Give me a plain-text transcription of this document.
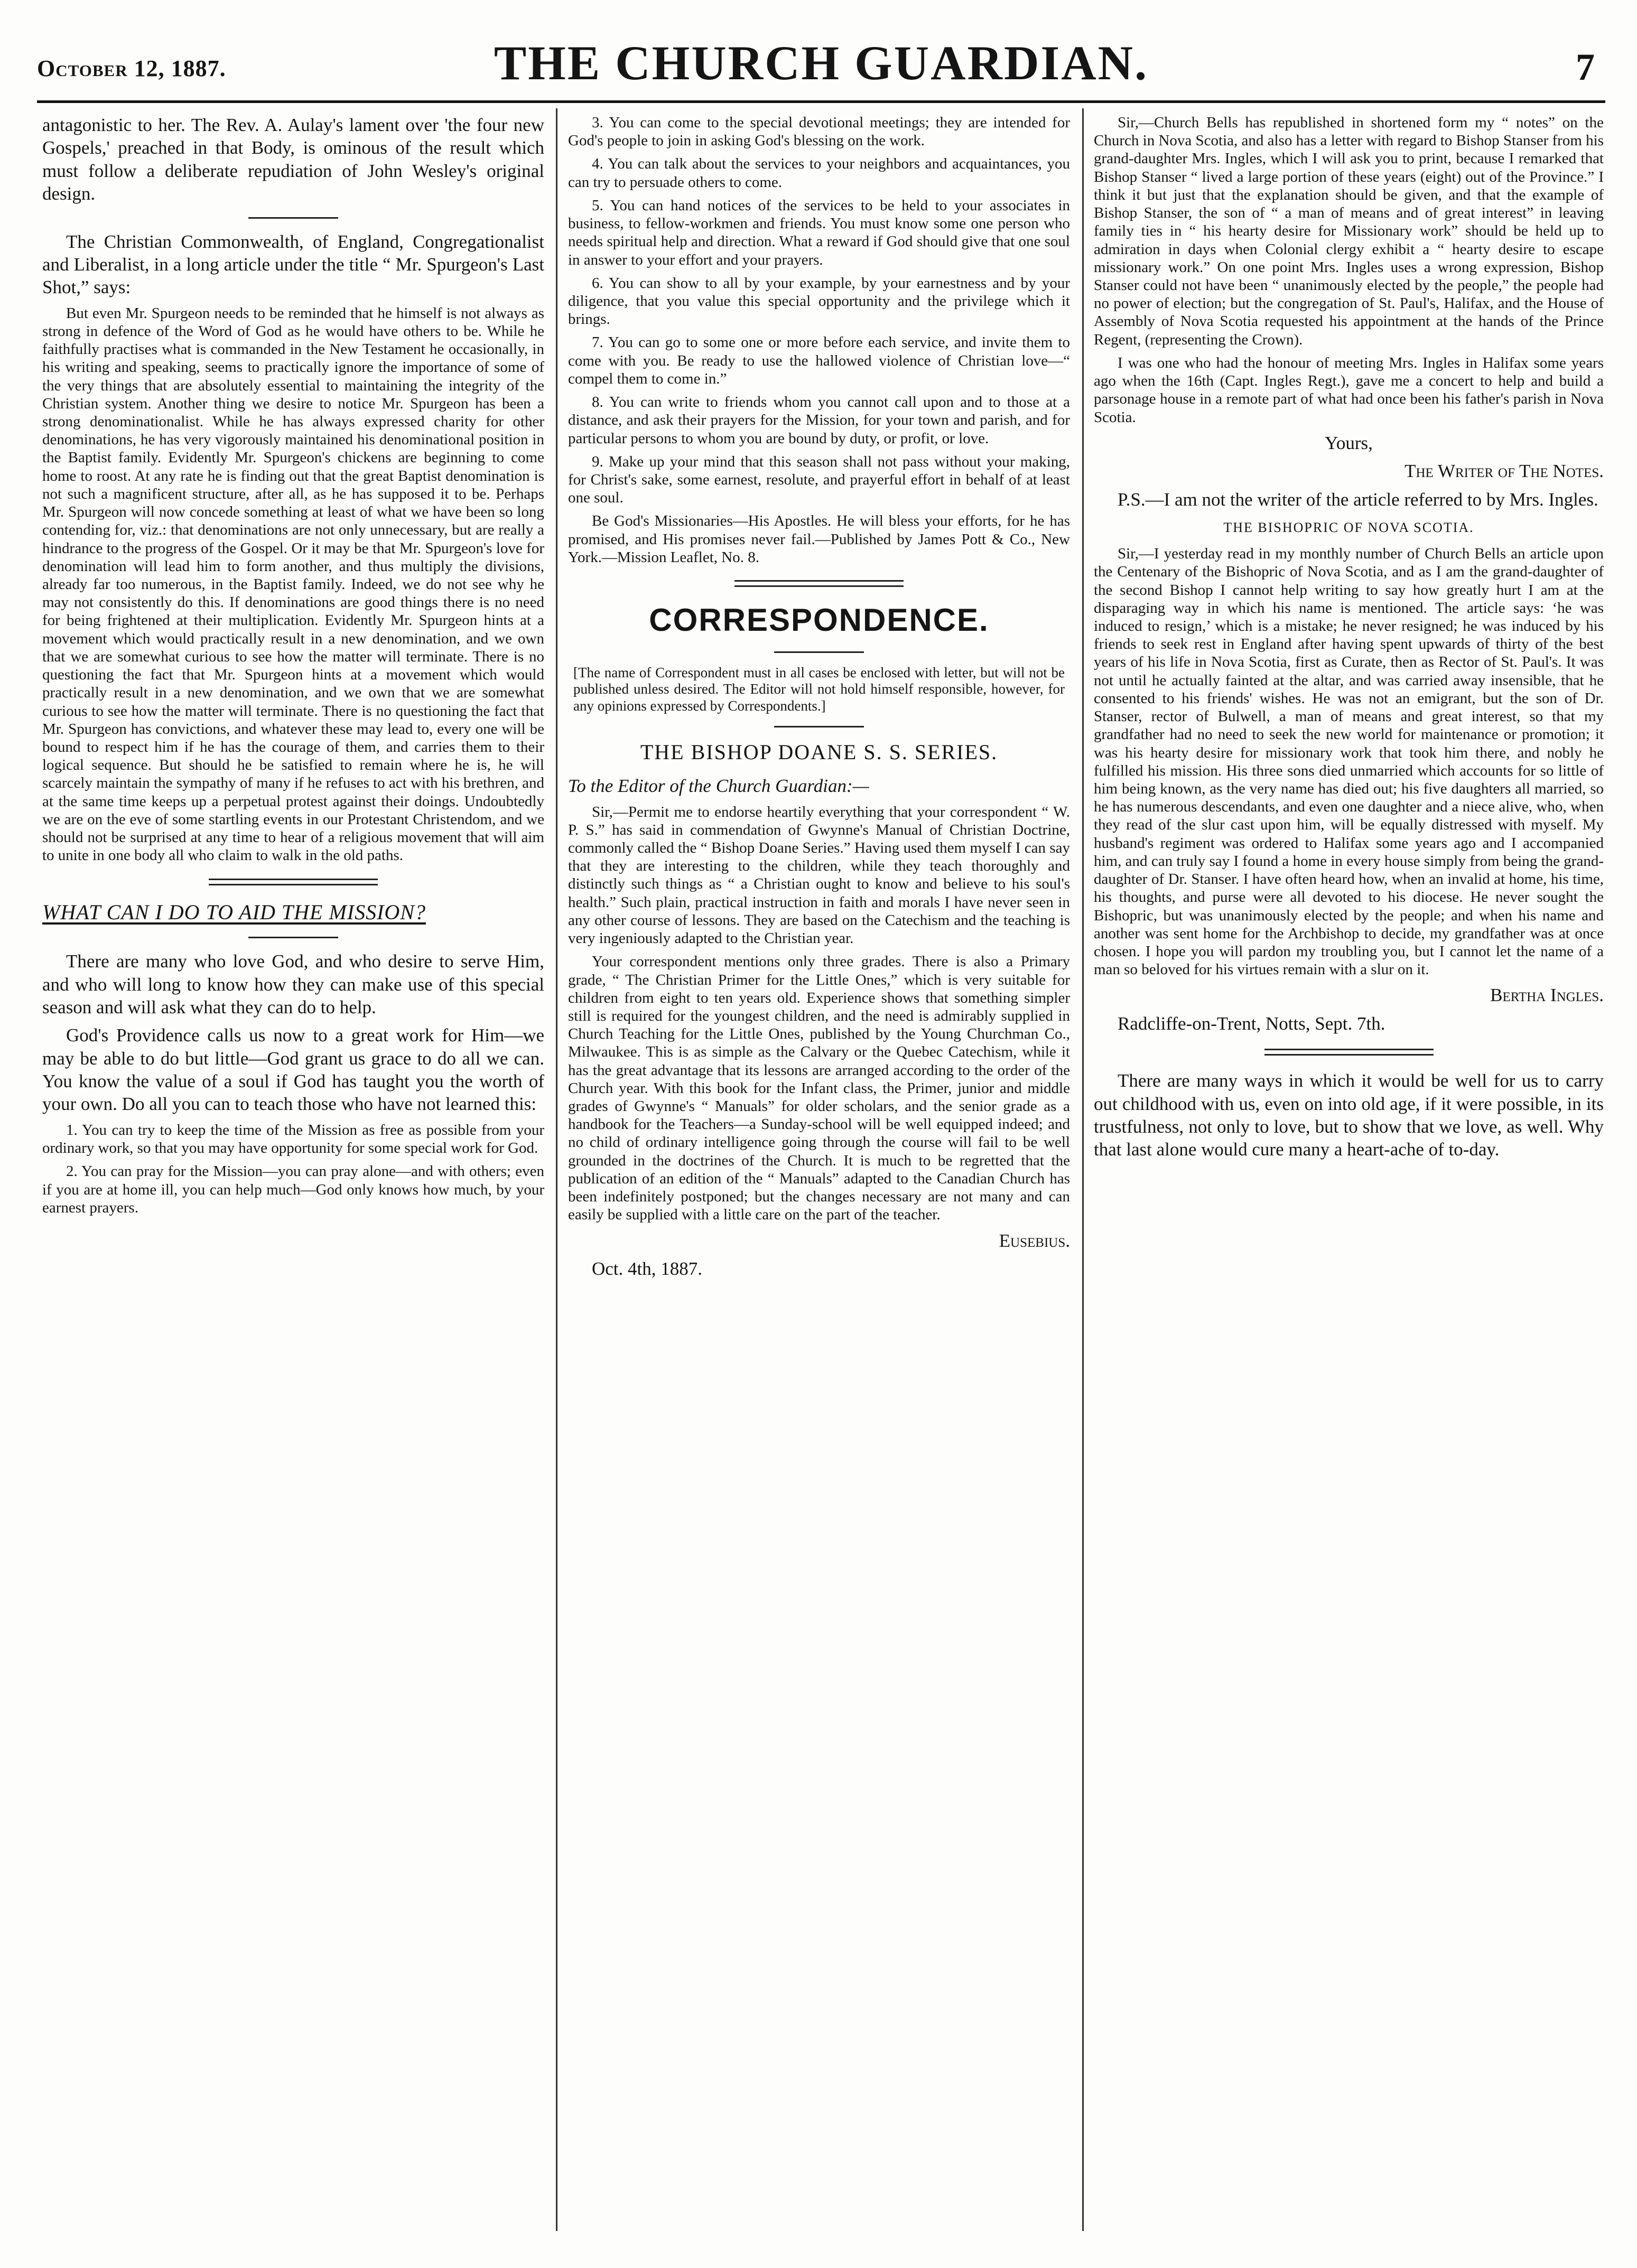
October 12, 1887.	THE CHURCH GUARDIAN.	7

antagonistic to her. The Rev. A. Aulay's lament over 'the four new Gospels,' preached in that Body, is ominous of the result which must follow a deliberate repudiation of John Wesley's original design.

The Christian Commonwealth, of England, Congregationalist and Liberalist, in a long article under the title “ Mr. Spurgeon's Last Shot,” says:

But even Mr. Spurgeon needs to be reminded that he himself is not always as strong in defence of the Word of God as he would have others to be. While he faithfully practises what is commanded in the New Testament he occasionally, in his writing and speaking, seems to practically ignore the importance of some of the very things that are absolutely essential to maintaining the integrity of the Christian system. Another thing we desire to notice Mr. Spurgeon has been a strong denominationalist. While he has always expressed charity for other denominations, he has very vigorously maintained his denominational position in the Baptist family. Evidently Mr. Spurgeon's chickens are beginning to come home to roost. At any rate he is finding out that the great Baptist denomination is not such a magnificent structure, after all, as he has supposed it to be. Perhaps Mr. Spurgeon will now concede something at least of what we have been so long contending for, viz.: that denominations are not only unnecessary, but are really a hindrance to the progress of the Gospel. Or it may be that Mr. Spurgeon's love for denomination will lead him to form another, and thus multiply the divisions, already far too numerous, in the Baptist family. Indeed, we do not see why he may not consistently do this. If denominations are good things there is no need for being frightened at their multiplication. Evidently Mr. Spurgeon hints at a movement which would practically result in a new denomination, and we own that we are somewhat curious to see how the matter will terminate. There is no questioning the fact that Mr. Spurgeon hints at a movement which would practically result in a new denomination, and we own that we are somewhat curious to see how the matter will terminate. There is no questioning the fact that Mr. Spurgeon has convictions, and whatever these may lead to, every one will be bound to respect him if he has the courage of them, and carries them to their logical sequence. But should he be satisfied to remain where he is, he will scarcely maintain the sympathy of many if he refuses to act with his brethren, and at the same time keeps up a perpetual protest against their doings. Undoubtedly we are on the eve of some startling events in our Protestant Christendom, and we should not be surprised at any time to hear of a religious movement that will aim to unite in one body all who claim to walk in the old paths.

WHAT CAN I DO TO AID THE MISSION?

There are many who love God, and who desire to serve Him, and who will long to know how they can make use of this special season and will ask what they can do to help.

God's Providence calls us now to a great work for Him—we may be able to do but little—God grant us grace to do all we can. You know the value of a soul if God has taught you the worth of your own. Do all you can to teach those who have not learned this:

1. You can try to keep the time of the Mission as free as possible from your ordinary work, so that you may have opportunity for some special work for God.

2. You can pray for the Mission—you can pray alone—and with others; even if you are at home ill, you can help much—God only knows how much, by your earnest prayers.

3. You can come to the special devotional meetings; they are intended for God's people to join in asking God's blessing on the work.

4. You can talk about the services to your neighbors and acquaintances, you can try to persuade others to come.

5. You can hand notices of the services to be held to your associates in business, to fellow-workmen and friends. You must know some one person who needs spiritual help and direction. What a reward if God should give that one soul in answer to your effort and your prayers.

6. You can show to all by your example, by your earnestness and by your diligence, that you value this special opportunity and the privilege which it brings.

7. You can go to some one or more before each service, and invite them to come with you. Be ready to use the hallowed violence of Christian love—“ compel them to come in.”

8. You can write to friends whom you cannot call upon and to those at a distance, and ask their prayers for the Mission, for your town and parish, and for particular persons to whom you are bound by duty, or profit, or love.

9. Make up your mind that this season shall not pass without your making, for Christ's sake, some earnest, resolute, and prayerful effort in behalf of at least one soul.

Be God's Missionaries—His Apostles. He will bless your efforts, for he has promised, and His promises never fail.—Published by James Pott & Co., New York.—Mission Leaflet, No. 8.

CORRESPONDENCE.
[The name of Correspondent must in all cases be enclosed with letter, but will not be published unless desired. The Editor will not hold himself responsible, however, for any opinions expressed by Correspondents.]
THE BISHOP DOANE S. S. SERIES.

To the Editor of the Church Guardian:—

Sir,—Permit me to endorse heartily everything that your correspondent “ W. P. S.” has said in commendation of Gwynne's Manual of Christian Doctrine, commonly called the “ Bishop Doane Series.” Having used them myself I can say that they are interesting to the children, while they teach thoroughly and distinctly such things as “ a Christian ought to know and believe to his soul's health.” Such plain, practical instruction in faith and morals I have never seen in any other course of lessons. They are based on the Catechism and the teaching is very ingeniously adapted to the Christian year.

Your correspondent mentions only three grades. There is also a Primary grade, “ The Christian Primer for the Little Ones,” which is very suitable for children from eight to ten years old. Experience shows that something simpler still is required for the youngest children, and the need is admirably supplied in Church Teaching for the Little Ones, published by the Young Churchman Co., Milwaukee. This is as simple as the Calvary or the Quebec Catechism, while it has the great advantage that its lessons are arranged according to the order of the Church year. With this book for the Infant class, the Primer, junior and middle grades of Gwynne's “ Manuals” for older scholars, and the senior grade as a handbook for the Teachers—a Sunday-school will be well equipped indeed; and no child of ordinary intelligence going through the course will fail to be well grounded in the doctrines of the Church. It is much to be regretted that the publication of an edition of the “ Manuals” adapted to the Canadian Church has been indefinitely postponed; but the changes necessary are not many and can easily be supplied with a little care on the part of the teacher.

Eusebius.

Oct. 4th, 1887.

Sir,—Church Bells has republished in shortened form my “ notes” on the Church in Nova Scotia, and also has a letter with regard to Bishop Stanser from his grand-daughter Mrs. Ingles, which I will ask you to print, because I remarked that Bishop Stanser “ lived a large portion of these years (eight) out of the Province.” I think it but just that the explanation should be given, and that the example of Bishop Stanser, the son of “ a man of means and of great interest” in leaving family ties in “ his hearty desire for Missionary work” should be held up to admiration in days when Colonial clergy exhibit a “ hearty desire to escape missionary work.” On one point Mrs. Ingles uses a wrong expression, Bishop Stanser could not have been “ unanimously elected by the people,” the people had no power of election; but the congregation of St. Paul's, Halifax, and the House of Assembly of Nova Scotia requested his appointment at the hands of the Prince Regent, (representing the Crown).

I was one who had the honour of meeting Mrs. Ingles in Halifax some years ago when the 16th (Capt. Ingles Regt.), gave me a concert to help and build a parsonage house in a remote part of what had once been his father's parish in Nova Scotia.

Yours,

The Writer of The Notes.

P.S.—I am not the writer of the article referred to by Mrs. Ingles.

THE BISHOPRIC OF NOVA SCOTIA.

Sir,—I yesterday read in my monthly number of Church Bells an article upon the Centenary of the Bishopric of Nova Scotia, and as I am the grand-daughter of the second Bishop I cannot help writing to say how greatly hurt I am at the disparaging way in which his name is mentioned. The article says: ‘he was induced to resign,’ which is a mistake; he never resigned; he was induced by his friends to seek rest in England after having spent upwards of thirty of the best years of his life in Nova Scotia, first as Curate, then as Rector of St. Paul's. It was not until he actually fainted at the altar, and was carried away insensible, that he consented to his friends' wishes. He was not an emigrant, but the son of Dr. Stanser, rector of Bulwell, a man of means and great interest, so that my grandfather had no need to seek the new world for maintenance or promotion; it was his hearty desire for missionary work that took him there, and nobly he fulfilled his mission. His three sons died unmarried which accounts for so little of him being known, as the very name has died out; his five daughters all married, so he has numerous descendants, and even one daughter and a niece alive, who, when they read of the slur cast upon him, will be equally distressed with myself. My husband's regiment was ordered to Halifax some years ago and I accompanied him, and can truly say I found a home in every house simply from being the grand-daughter of Dr. Stanser. I have often heard how, when an invalid at home, his time, his thoughts, and purse were all devoted to his diocese. He never sought the Bishopric, but was unanimously elected by the people; and when his name and another was sent home for the Archbishop to decide, my grandfather was at once chosen. I hope you will pardon my troubling you, but I cannot let the name of a man so beloved for his virtues remain with a slur on it.

Bertha Ingles.

Radcliffe-on-Trent, Notts, Sept. 7th.

There are many ways in which it would be well for us to carry out childhood with us, even on into old age, if it were possible, in its trustfulness, not only to love, but to show that we love, as well. Why that last alone would cure many a heart-ache of to-day.
